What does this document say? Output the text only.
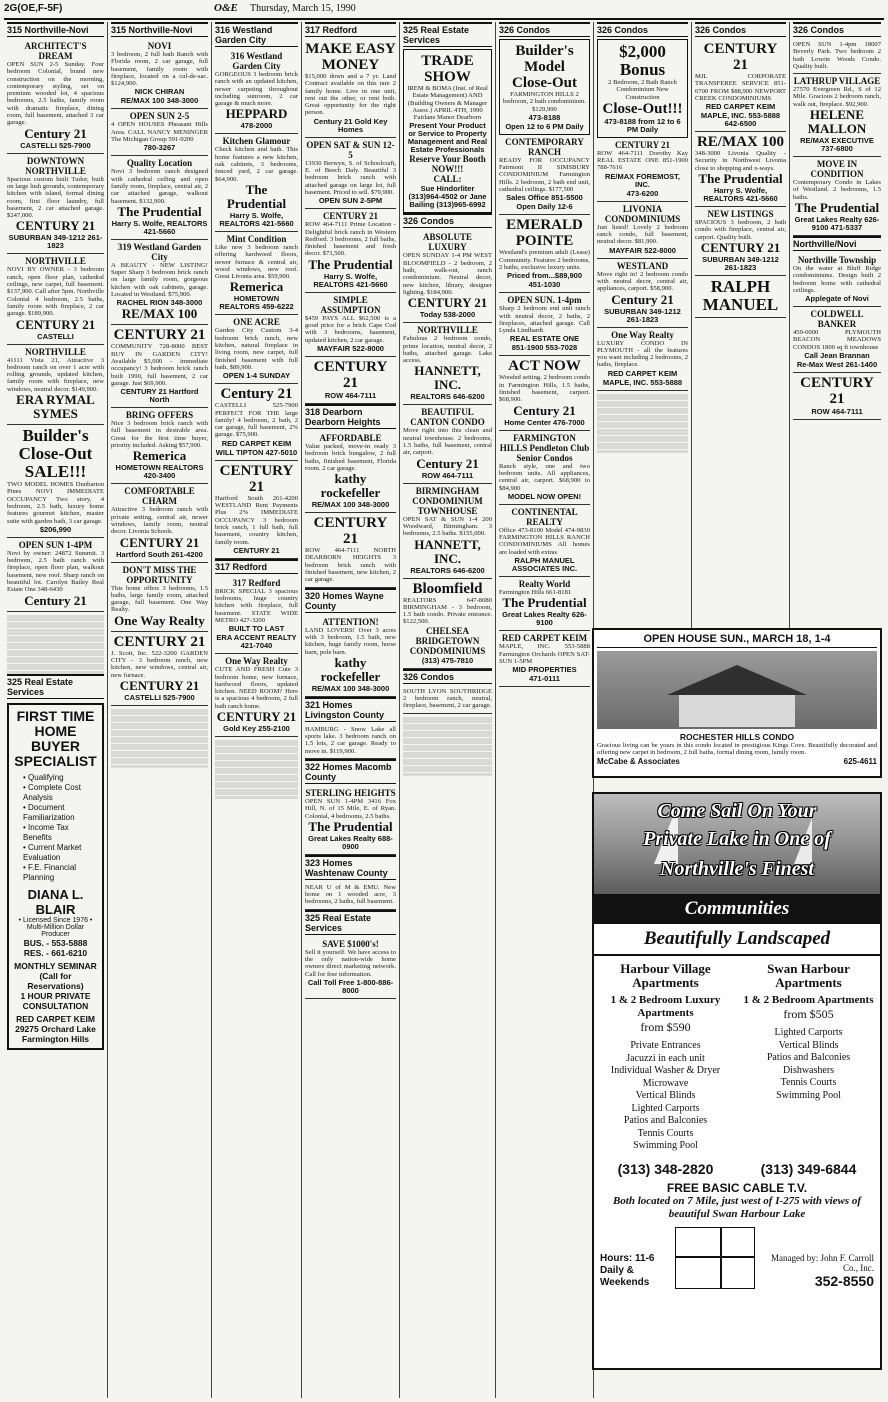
2G(OE,F-5F)	O&E Thursday, March 15, 1990
315 Northville-Novi
ARCHITECT'S DREAM
OPEN SUN 2-5 Sunday. Four bedroom Colonial, brand new construction on the morning, contemporary styling, set on premium wooded lot, 4 spacious bedrooms, 2.5 baths, family room with dramatic fireplace, dining room, full basement, attached 3 car garage.
Century 21
CASTELLI 525-7900
DOWNTOWN NORTHVILLE
Spacious custom built Tudor, built on large lush grounds, contemporary kitchen with island, formal dining room, first floor laundry, full basement, 2 car attached garage. $247,000.
CENTURY 21
SUBURBAN 349-1212 261-1823
NORTHVILLE
NOVI BY OWNER - 3 bedroom ranch, open floor plan, cathedral ceilings, new carpet, full basement. $137,900. Call after 5pm. Northville Colonial 4 bedroom, 2.5 baths, family room with fireplace, 2 car garage. $189,900.
CENTURY 21
CASTELLI
NORTHVILLE
41111 Vista 21, Attractive 3 bedroom ranch on over 1 acre with rolling grounds, updated kitchen, family room with fireplace, new windows, neutral decor. $149,900.
ERA RYMAL SYMES
Builder's Close-Out SALE!!!
TWO MODEL HOMES Dunbarton Pines NOVI IMMEDIATE OCCUPANCY Two story, 4 bedroom, 2.5 bath, luxury home features gourmet kitchen, master suite with garden bath, 3 car garage.
$206,990
OPEN SUN 1-4PM
Novi by owner: 24872 Summit. 3 bedroom, 2.5 bath ranch with fireplace, open floor plan, walkout basement, new roof. Sharp ranch on beautiful lot. Carolyn Bailey Real Estate One 348-6430
Century 21
325 Real Estate Services
FIRST TIME HOME BUYER SPECIALIST
• Qualifying
• Complete Cost Analysis
• Document Familiarization
• Income Tax Benefits
• Current Market Evaluation
• F.E. Financial Planning
DIANA L. BLAIR
• Licensed Since 1976 • Multi-Million Dollar Producer
BUS. - 553-5888
RES. - 661-6210
MONTHLY SEMINAR (Call for Reservations)
1 HOUR PRIVATE CONSULTATION
RED CARPET KEIM 29275 Orchard Lake Farmington Hills
315 Northville-Novi
NOVI
3 bedroom, 2 full bath Ranch with Florida room, 2 car garage, full basement, family room with fireplace, located on a cul-de-sac. $124,900.
NICK CHIRAN
RE/MAX 100 348-3000
OPEN SUN 2-5
4 OPEN HOUSES Pheasant Hills Area. CALL NANCY MENINGER The Michigan Group 591-9200
780-3267
Quality Location
Novi 3 bedroom ranch designed with cathedral ceiling and open family room, fireplace, central air, 2 car attached garage, walkout basement. $132,900.
The Prudential
Harry S. Wolfe, REALTORS 421-5660
319 Westland Garden City
A BEAUTY - NEW LISTING! Super Sharp 3 bedroom brick ranch on large family room, gorgeous kitchen with oak cabinets, garage. Located in Westland. $75,900.
RACHEL RION 348-3000
RE/MAX 100
CENTURY 21
COMMUNITY 728-8000 BEST BUY IN GARDEN CITY! Available $5,000 - immediate occupancy! 3 bedroom brick ranch built 1990, full basement, 2 car garage. Just $69,900.
CENTURY 21 Hartford North
BRING OFFERS
Nice 3 bedroom brick ranch with full basement in desirable area. Great for the first time buyer, priority included. Asking $57,900.
Remerica
HOMETOWN REALTORS 420-3400
COMFORTABLE CHARM
Attractive 3 bedroom ranch with private setting, central air, newer windows, family room, neutral decor. Livonia Schools.
CENTURY 21
Hartford South 261-4200
DON'T MISS THE OPPORTUNITY
This home offers 3 bedrooms, 1.5 baths, large family room, attached garage, full basement. One Way Realty.
One Way Realty
CENTURY 21
J. Scott, Inc. 522-3200 GARDEN CITY - 3 bedroom ranch, new kitchen, new windows, central air, new furnace.
CENTURY 21
CASTELLI 525-7900
316 Westland Garden City
316 Westland Garden City
GORGEOUS 3 bedroom brick ranch with an updated kitchen, newer carpeting throughout including sunroom, 2 car garage & much more.
HEPPARD
478-2000
Kitchen Glamour
Check kitchen and bath. This home features a new kitchen, oak cabinets, 3 bedrooms, fenced yard, 2 car garage. $64,900.
The Prudential
Harry S. Wolfe, REALTORS 421-5660
Mint Condition
Like new 3 bedroom ranch offering hardwood floors, newer furnace & central air, wood windows, new roof. Great Livonia area. $59,900.
Remerica
HOMETOWN REALTORS 459-6222
ONE ACRE
Garden City Custom 3-4 bedroom brick ranch, new kitchen, natural fireplace in living room, new carpet, full finished basement with full bath. $89,900.
OPEN 1-4 SUNDAY
Century 21
CASTELLI 525-7900 PERFECT FOR THE large family! 4 bedroom, 2 bath, 2 car garage, full basement, 2% garage. $75,900.
RED CARPET KEIM
WILL TIPTON 427-5010
CENTURY 21
Hartford South 261-4200 WESTLAND Rent Payments Plus 2% IMMEDIATE OCCUPANCY 3 bedroom brick ranch, 1 full bath, full basement, country kitchen, family room.
CENTURY 21
317 Redford
317 Redford
BRICK SPECIAL 3 spacious bedrooms, huge country kitchen with fireplace, full basement. STATE WIDE METRO 427-3200
BUILT TO LAST
ERA ACCENT REALTY 421-7040
One Way Realty
CUTE AND FRESH Cute 3 bedroom home, new furnace, hardwood floors, updated kitchen. NEED ROOM? Here is a spacious 4 bedroom, 2 full bath ranch home.
CENTURY 21
Gold Key 255-2100
317 Redford
MAKE EASY MONEY
$15,000 down and a 7 yr. Land Contract available on this rare 2 family home. Live in one unit, rent out the other, or rent both. Great opportunity for the right person.
Century 21 Gold Key Homes
OPEN SAT & SUN 12-5
13930 Berwyn, S. of Schoolcraft, E. of Beech Daly. Beautiful 3 bedroom brick ranch with attached garage on large lot, full basement. Priced to sell. $79,900.
OPEN SUN 2-5PM
CENTURY 21
ROW 464-7111 Prime Location - Delightful brick ranch in Western Redford. 3 bedrooms, 2 full baths, finished basement and fresh decor. $73,500.
The Prudential
Harry S. Wolfe, REALTORS 421-5660
SIMPLE ASSUMPTION
$459 PAYS ALL $62,500 is a good price for a brick Cape Cod with 3 bedrooms, basement, updated kitchen, 2 car garage.
MAYFAIR 522-8000
CENTURY 21
ROW 464-7111
318 Dearborn Dearborn Heights
AFFORDABLE
Value packed, move-in ready 3 bedroom brick bungalow, 2 full baths, finished basement, Florida room. 2 car garage.
kathy rockefeller
RE/MAX 100 348-3000
CENTURY 21
ROW 464-7111 NORTH DEARBORN HEIGHTS 3 bedroom brick ranch with finished basement, new kitchen, 2 car garage.
320 Homes Wayne County
ATTENTION!
LAND LOVERS! Over 3 acres with 3 bedroom, 1.5 bath, new kitchen, huge family room, horse barn, pole barn.
kathy rockefeller
RE/MAX 100 348-3000
321 Homes Livingston County
HAMBURG - Snow Lake all sports lake. 3 bedroom ranch on 1.5 lots, 2 car garage. Ready to move in. $119,900.
322 Homes Macomb County
STERLING HEIGHTS
OPEN SUN 1-4PM 3416 Fox Hill, N. of 15 Mile, E. of Ryan. Colonial, 4 bedrooms, 2.5 baths.
The Prudential
Great Lakes Realty 688-0900
323 Homes Washtenaw County
NEAR U of M & EMU. New home on 1 wooded acre, 3 bedrooms, 2 baths, full basement.
325 Real Estate Services
SAVE $1000's!
Sell it yourself. We have access to the only nation-wide home owners direct marketing network. Call for free information.
Call Toll Free 1-800-886-8000
325 Real Estate Services
TRADE SHOW
IREM & BOMA (Inst. of Real Estate Management) AND (Building Owners & Manager Assoc.) APRIL 4TH, 1990 Fairlane Manor Dearborn
Present Your Product or Service to Property Management and Real Estate Professionals
Reserve Your Booth NOW!!!
CALL:
Sue Hindorliter (313)964-4502 or Jane Bailing (313)965-6992
326 Condos
ABSOLUTE LUXURY
OPEN SUNDAY 1-4 PM WEST BLOOMFIELD - 2 bedroom, 2 bath, walk-out, ranch condominium. Neutral decor, new kitchen, library, designer lighting. $184,900.
CENTURY 21
Today 538-2000
NORTHVILLE
Fabulous 2 bedroom condo, prime location, neutral decor, 2 baths, attached garage. Lake access.
HANNETT, INC.
REALTORS 646-6200
BEAUTIFUL CANTON CONDO
Move right into this clean and neutral townhouse. 2 bedrooms, 1.5 baths, full basement, central air, carport.
Century 21
ROW 464-7111
BIRMINGHAM CONDOMINIUM TOWNHOUSE
OPEN SAT & SUN 1-4 200 Woodward, Birmingham. 3 bedrooms, 2.5 baths. $155,000.
HANNETT, INC.
REALTORS 646-6200
Bloomfield
REALTORS 647-8080 BIRMINGHAM - 3 bedroom, 1.5 bath condo. Private entrance. $122,500.
CHELSEA BRIDGETOWN CONDOMINIUMS
(313) 475-7810
326 Condos
SOUTH LYON SOUTHRIDGE 2 bedroom ranch, neutral, fireplace, basement, 2 car garage.
326 Condos
Builder's Model Close-Out
FARMINGTON HILLS 2 bedroom, 2 bath condominium. $129,990
473-8188
Open 12 to 6 PM Daily
CONTEMPORARY RANCH
READY FOR OCCUPANCY Fairmont II SIMSBURY CONDOMINIUM Farmington Hills. 2 bedroom, 2 bath end unit, cathedral ceilings. $177,500
Sales Office 851-5500
Open Daily 12-6
EMERALD POINTE
Westland's premium adult (Lease) Community. Features 2 bedrooms, 2 baths, exclusive luxury units.
Priced from...$89,900
451-1030
OPEN SUN. 1-4pm
Sharp 2 bedroom end unit ranch with neutral decor, 2 baths, 2 fireplaces, attached garage. Call Lynda Lindhardt.
REAL ESTATE ONE
851-1900 553-7028
ACT NOW
Wooded setting. 2 bedroom condo in Farmington Hills, 1.5 baths, finished basement, carport. $68,900.
Century 21
Home Center 476-7000
FARMINGTON HILLS Pendleton Club Senior Condos
Ranch style, one and two bedroom units. All appliances, central air, carport. $68,900 to $84,900
MODEL NOW OPEN!
CONTINENTAL REALTY
Office 473-8100 Model 474-9830 FARMINGTON HILLS RANCH CONDOMINIUMS All homes are loaded with extras
RALPH MANUEL ASSOCIATES INC.
Realty World
Farmington Hills 661-8181
The Prudential
Great Lakes Realty 626-9100
RED CARPET KEIM
MAPLE, INC. 553-5888 Farmington Orchards OPEN SAT-SUN 1-5PM
MID PROPERTIES
471-0111
326 Condos
$2,000 Bonus
2 Bedroom, 2 Bath Ranch Condominium New Construction
Close-Out!!!
473-8188 from 12 to 6 PM Daily
CENTURY 21
ROW 464-7111 Dorothy Kay REAL ESTATE ONE 851-1900 788-7616
RE/MAX FOREMOST, INC.
473-6200
LIVONIA CONDOMINIUMS
Just listed! Lovely 2 bedroom ranch condo, full basement, neutral decor. $81,900.
MAYFAIR 522-8000
WESTLAND
Move right in! 2 bedroom condo with neutral decor, central air, appliances, carport. $58,900.
Century 21
SUBURBAN 349-1212 261-1823
One Way Realty
LUXURY CONDO IN PLYMOUTH - all the features you want including 2 bedrooms, 2 baths, fireplace.
RED CARPET KEIM
MAPLE, INC. 553-5888
326 Condos
CENTURY 21
MJL CORPORATE TRANSFEREE SERVICE 851-6700 FROM $88,900 NEWPORT CREEK CONDOMINIUMS
RED CARPET KEIM
MAPLE, INC. 553-5888 642-6500
RE/MAX 100
348-3000 Livonia Quality - Security in Northwest Livonia close to shopping and x-ways.
The Prudential
Harry S. Wolfe, REALTORS 421-5660
NEW LISTINGS
SPACIOUS 3 bedroom, 2 bath condo with fireplace, central air, carport. Quality built.
CENTURY 21
SUBURBAN 349-1212 261-1823
RALPH MANUEL
326 Condos
OPEN SUN 1-4pm 18007 Beverly Park. Two bedroom 2 bath Lowrie Woods Condo. Quality built.
LATHRUP VILLAGE
27570 Evergreen Rd., S of 12 Mile. Gracious 2 bedroom ranch, walk out, fireplace. $92,900.
HELENE MALLON
RE/MAX EXECUTIVE 737-6800
MOVE IN CONDITION
Contemporary Condo in Lakes of Westland. 2 bedrooms, 1.5 baths.
The Prudential
Great Lakes Realty 626-9100 471-5337
Northville/Novi
Northville Township
On the water at Bluff Ridge condominiums. Design built 2 bedroom home with cathedral ceilings.
Applegate of Novi
COLDWELL BANKER
459-6000 PLYMOUTH BEACON MEADOWS CONDOS 1800 sq ft townhouse
Call Jean Brannan
Re-Max West 261-1400
CENTURY 21
ROW 464-7111
OPEN HOUSE SUN., MARCH 18, 1-4
ROCHESTER HILLS CONDO
Gracious living can be yours in this condo located in prestigious Kings Cove. Beautifully decorated and offering new carpet in bedroom, 2 full baths, formal dining room, family room.
McCabe & Associates	625-4611
Come Sail On Your
Private Lake in One of
Northville's Finest
Communities
Beautifully Landscaped
Harbour Village Apartments
1 & 2 Bedroom Luxury Apartments
from $590
Private Entrances
Jacuzzi in each unit
Individual Washer & Dryer
Microwave
Vertical Blinds
Lighted Carports
Patios and Balconies
Tennis Courts
Swimming Pool
Swan Harbour Apartments
1 & 2 Bedroom Apartments
from $505
Lighted Carports
Vertical Blinds
Patios and Balconies
Dishwashers
Tennis Courts
Swimming Pool
(313) 348-2820	(313) 349-6844
FREE BASIC CABLE T.V.
Both located on 7 Mile, just west of I-275 with views of beautiful Swan Harbour Lake
Hours: 11-6
Daily & Weekends
Managed by: John F. Carroll Co., Inc.
352-8550
